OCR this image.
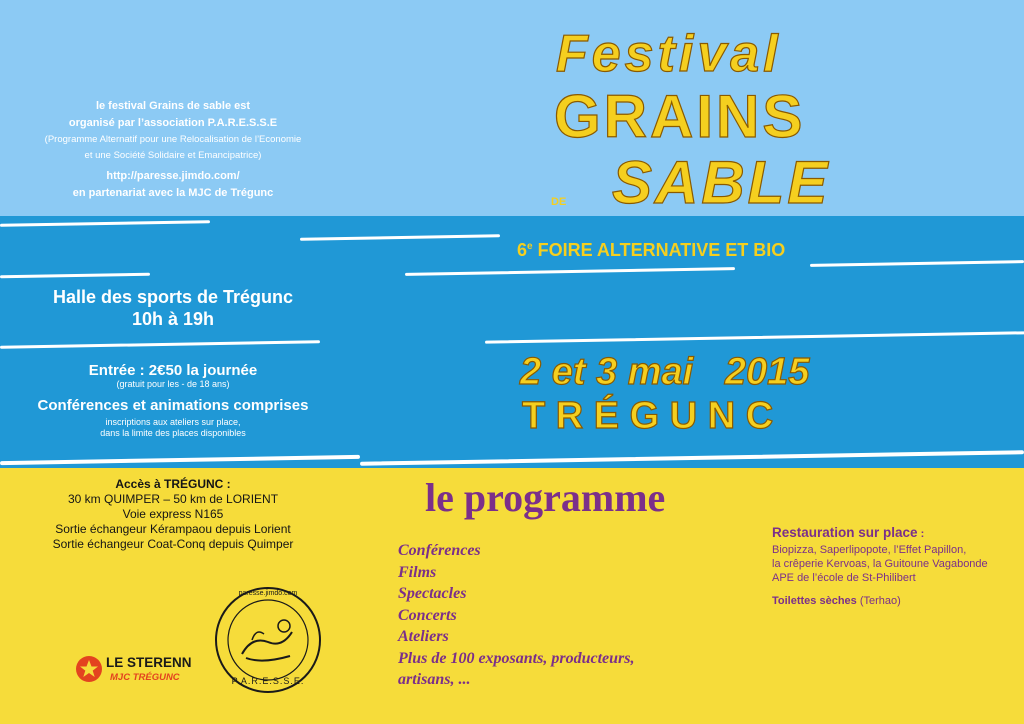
le festival Grains de sable est
organisé par l’association P.A.R.E.S.S.E
(Programme Alternatif pour une Relocalisation de l’Economie
et une Société Solidaire et Emancipatrice)
http://paresse.jimdo.com/
en partenariat avec la MJC de Trégunc
Festival
GRAINS
DE SABLE
6e FOIRE ALTERNATIVE ET BIO
Halle des sports de Trégunc
10h à 19h
Entrée : 2€50 la journée
(gratuit pour les - de 18 ans)
Conférences et animations comprises
inscriptions aux ateliers sur place,
dans la limite des places disponibles
2 et 3 mai   2015
T R É G U N C
Accès à TRÉGUNC :
30 km QUIMPER – 50 km de LORIENT
Voie express N165
Sortie échangeur Kérampaou depuis Lorient
Sortie échangeur Coat-Conq depuis Quimper
le programme
Conférences
Films
Spectacles
Concerts
Ateliers
Plus de 100 exposants, producteurs,
artisans, ...
Restauration sur place :
Biopizza, Saperlipopote, l’Effet Papillon,
la crêperie Kervoas, la Guitoune Vagabonde
APE de l’école de St-Philibert
Toilettes sèches (Terhao)
LE STERENN
MJC TRÉGUNC
paresse.jimdo.com
P.A.R.E.S.S.E.
